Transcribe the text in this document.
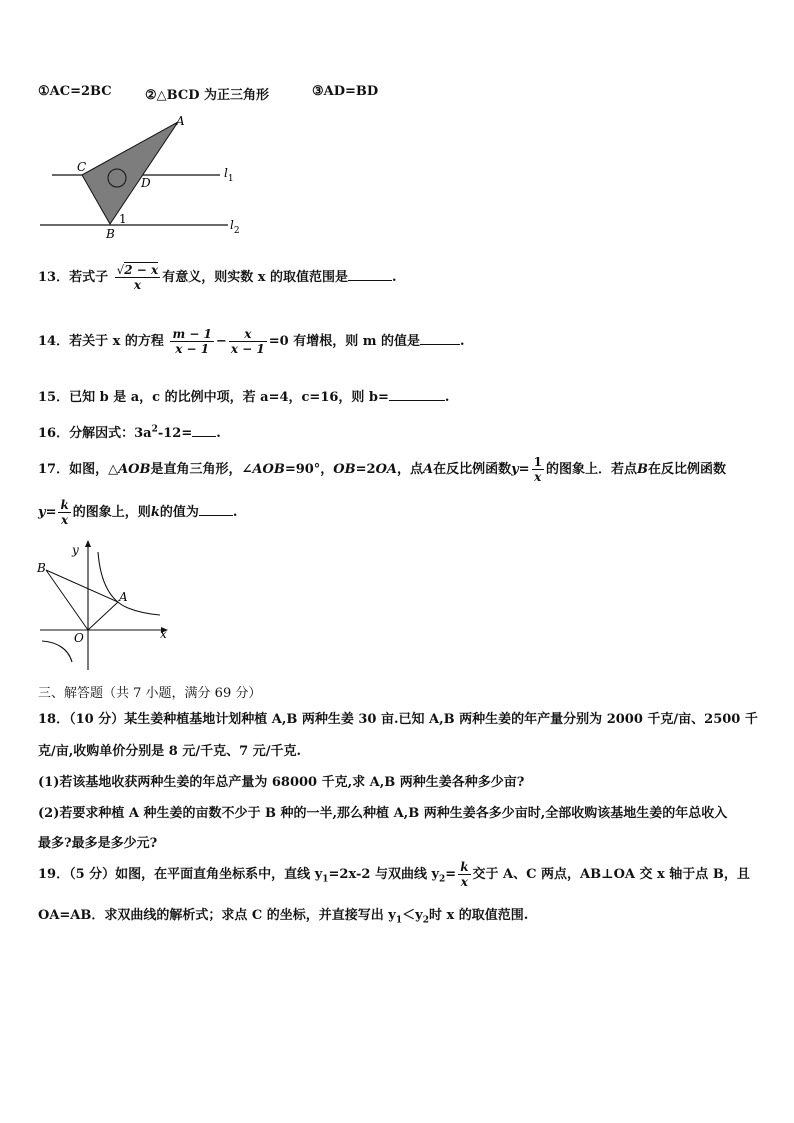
①AC=2BC	②△BCD 为正三角形	③AD=BD
A
C
D
1
B
$l_1$
$l_2$
13．若式子 $\frac{√2 - x}{x}$ 有意义，则实数 x 的取值范围是	.
14．若关于 x 的方程 $\frac{m - 1}{x - 1} - \frac{x}{x - 1} =0$ 有增根，则 m 的值是	.
15．已知 b 是 a，c 的比例中项，若 a=4，c=16，则 b=	.
16．分解因式：$3a^2-12=$ .
17．如图，△AOB是直角三角形，∠AOB=90°，OB=2OA，点A在反比例函数$y= \frac{1}{x}$ 的图象上．若点B在反比例函数
$y= \frac{k}{x}$ 的图象上，则k的值为	.
y
x
O
A
B
三、解答题（共 7 小题，满分 69 分）
18．（10 分）某生姜种植基地计划种植 A,B 两种生姜 30 亩.已知 A,B 两种生姜的年产量分别为 2000 千克/亩、2500 千
克/亩,收购单价分别是 8 元/千克、7 元/千克.
(1)若该基地收获两种生姜的年总产量为 68000 千克,求 A,B 两种生姜各种多少亩?
(2)若要求种植 A 种生姜的亩数不少于 B 种的一半,那么种植 A,B 两种生姜各多少亩时,全部收购该基地生姜的年总收入
最多?最多是多少元?
19．（5 分）如图，在平面直角坐标系中，直线 $y_1=2x-2$ 与双曲线 $y_2= \frac{k}{x}$ 交于 A、C 两点，AB⊥OA 交 x 轴于点 B，且
OA=AB．求双曲线的解析式；求点 C 的坐标，并直接写出 $y_1<y_2$时 x 的取值范围.
